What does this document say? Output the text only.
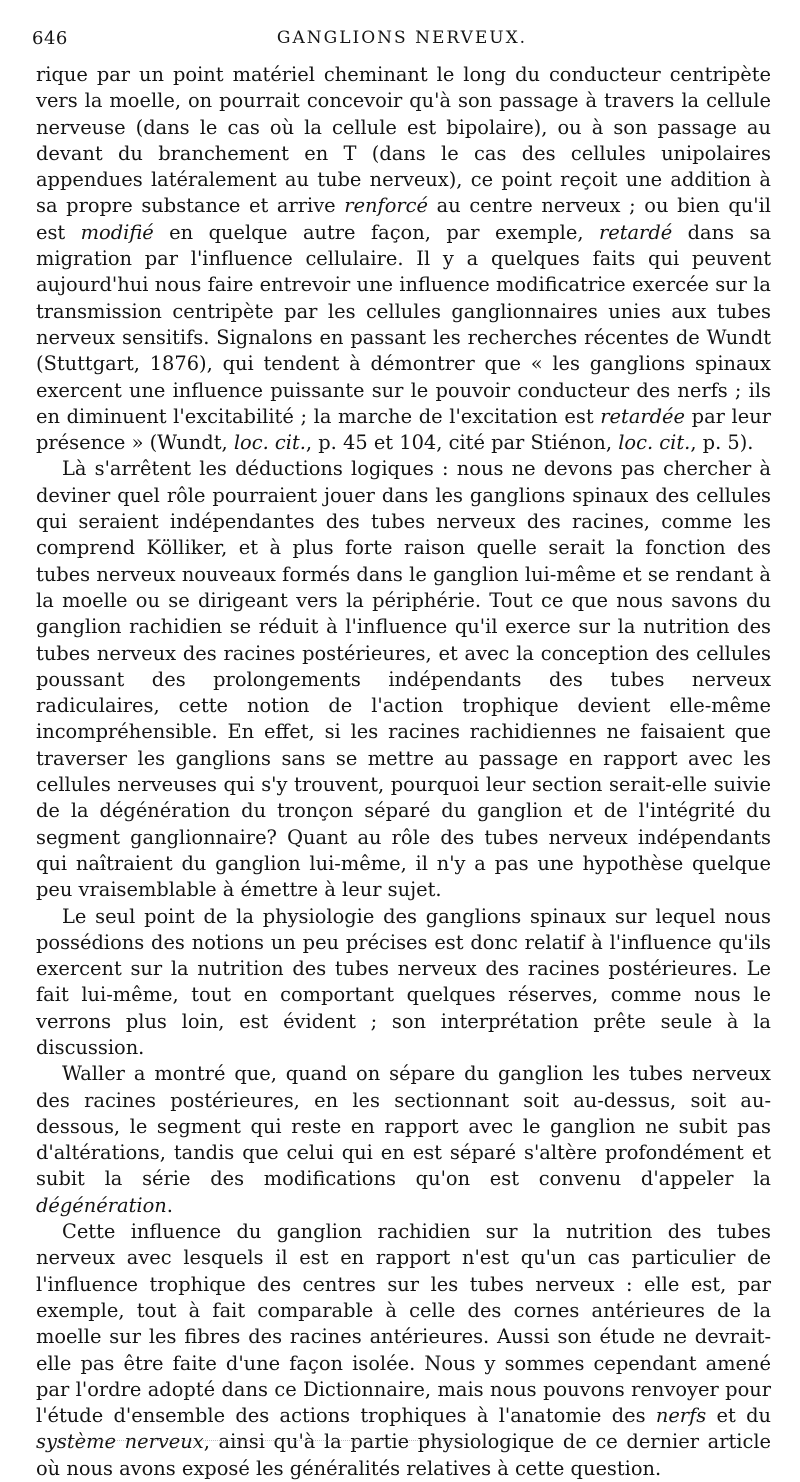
646	GANGLIONS NERVEUX.

rique par un point matériel cheminant le long du conducteur centripète vers la moelle, on pourrait concevoir qu'à son passage à travers la cellule nerveuse (dans le cas où la cellule est bipolaire), ou à son passage au devant du branchement en T (dans le cas des cellules unipolaires appendues latéralement au tube nerveux), ce point reçoit une addition à sa propre substance et arrive renforcé au centre nerveux ; ou bien qu'il est modifié en quelque autre façon, par exemple, retardé dans sa migration par l'influence cellulaire. Il y a quelques faits qui peuvent aujourd'hui nous faire entrevoir une influence modificatrice exercée sur la transmission centripète par les cellules ganglionnaires unies aux tubes nerveux sensitifs. Signalons en passant les recherches récentes de Wundt (Stuttgart, 1876), qui tendent à démontrer que « les ganglions spinaux exercent une influence puissante sur le pouvoir conducteur des nerfs ; ils en diminuent l'excitabilité ; la marche de l'excitation est retardée par leur présence » (Wundt, loc. cit., p. 45 et 104, cité par Stiénon, loc. cit., p. 5).

Là s'arrêtent les déductions logiques : nous ne devons pas chercher à deviner quel rôle pourraient jouer dans les ganglions spinaux des cellules qui seraient indépendantes des tubes nerveux des racines, comme les comprend Kölliker, et à plus forte raison quelle serait la fonction des tubes nerveux nouveaux formés dans le ganglion lui-même et se rendant à la moelle ou se dirigeant vers la périphérie. Tout ce que nous savons du ganglion rachidien se réduit à l'influence qu'il exerce sur la nutrition des tubes nerveux des racines postérieures, et avec la conception des cellules poussant des prolongements indépendants des tubes nerveux radiculaires, cette notion de l'action trophique devient elle-même incompréhensible. En effet, si les racines rachidiennes ne faisaient que traverser les ganglions sans se mettre au passage en rapport avec les cellules nerveuses qui s'y trouvent, pourquoi leur section serait-elle suivie de la dégénération du tronçon séparé du ganglion et de l'intégrité du segment ganglionnaire? Quant au rôle des tubes nerveux indépendants qui naîtraient du ganglion lui-même, il n'y a pas une hypothèse quelque peu vraisemblable à émettre à leur sujet.

Le seul point de la physiologie des ganglions spinaux sur lequel nous possédions des notions un peu précises est donc relatif à l'influence qu'ils exercent sur la nutrition des tubes nerveux des racines postérieures. Le fait lui-même, tout en comportant quelques réserves, comme nous le verrons plus loin, est évident ; son interprétation prête seule à la discussion.

Waller a montré que, quand on sépare du ganglion les tubes nerveux des racines postérieures, en les sectionnant soit au-dessus, soit au-dessous, le segment qui reste en rapport avec le ganglion ne subit pas d'altérations, tandis que celui qui en est séparé s'altère profondément et subit la série des modifications qu'on est convenu d'appeler la dégénération.

Cette influence du ganglion rachidien sur la nutrition des tubes nerveux avec lesquels il est en rapport n'est qu'un cas particulier de l'influence trophique des centres sur les tubes nerveux : elle est, par exemple, tout à fait comparable à celle des cornes antérieures de la moelle sur les fibres des racines antérieures. Aussi son étude ne devrait-elle pas être faite d'une façon isolée. Nous y sommes cependant amené par l'ordre adopté dans ce Dictionnaire, mais nous pouvons renvoyer pour l'étude d'ensemble des actions trophiques à l'anatomie des nerfs et du système nerveux, ainsi qu'à la partie physiologique de ce dernier article où nous avons exposé les généralités relatives à cette question.
